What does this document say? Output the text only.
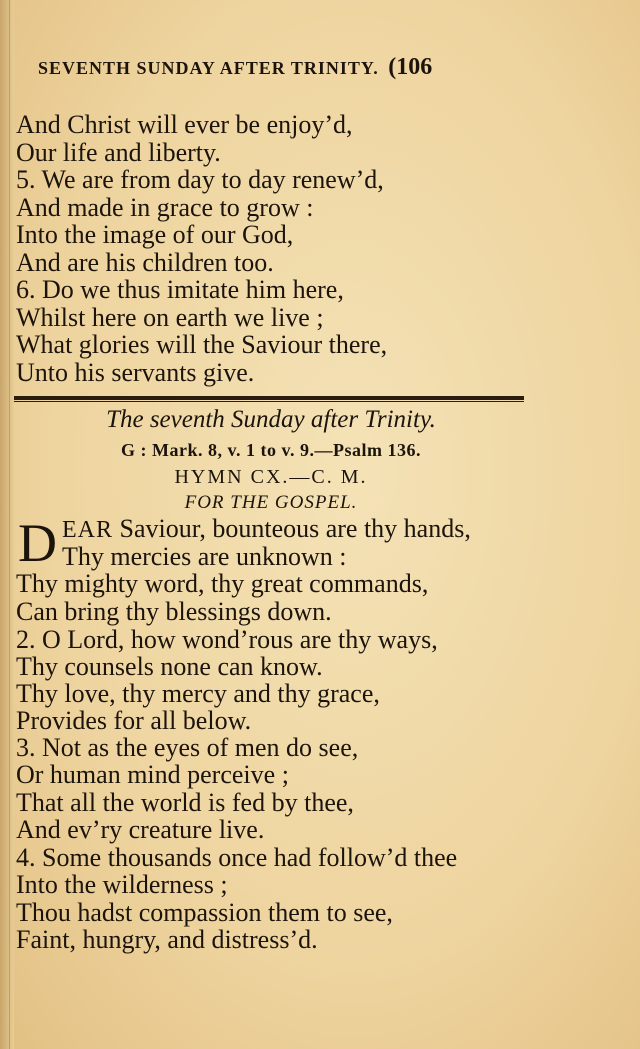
SEVENTH SUNDAY AFTER TRINITY. (106
And Christ will ever be enjoy’d,
Our life and liberty.
5. We are from day to day renew’d,
And made in grace to grow :
Into the image of our God,
And are his children too.
6. Do we thus imitate him here,
Whilst here on earth we live ;
What glories will the Saviour there,
Unto his servants give.
The seventh Sunday after Trinity.
G : Mark. 8, v. 1 to v. 9.—Psalm 136.
HYMN CX.—C. M.
FOR THE GOSPEL.
D EAR Saviour, bounteous are thy hands,
Thy mercies are unknown :
Thy mighty word, thy great commands,
Can bring thy blessings down.
2. O Lord, how wond’rous are thy ways,
Thy counsels none can know.
Thy love, thy mercy and thy grace,
Provides for all below.
3. Not as the eyes of men do see,
Or human mind perceive ;
That all the world is fed by thee,
And ev’ry creature live.
4. Some thousands once had follow’d thee
Into the wilderness ;
Thou hadst compassion them to see,
Faint, hungry, and distress’d.
